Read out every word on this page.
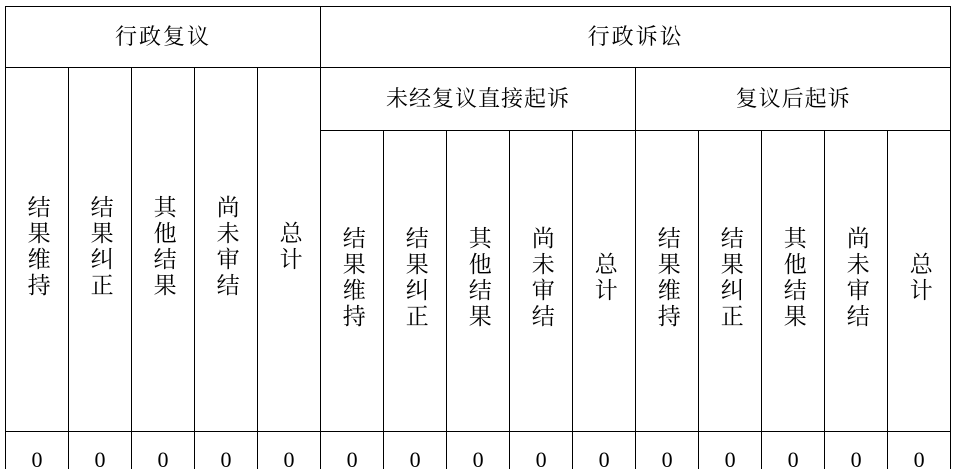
行政复议					行政诉讼									
结果维持	结果纠正	其他结果	尚未审结	总计	未经复议直接起诉					复议后起诉				
					结果维持	结果纠正	其他结果	尚未审结	总计	结果维持	结果纠正	其他结果	尚未审结	总计
0	0	0	0	0	0	0	0	0	0	0	0	0	0	0
